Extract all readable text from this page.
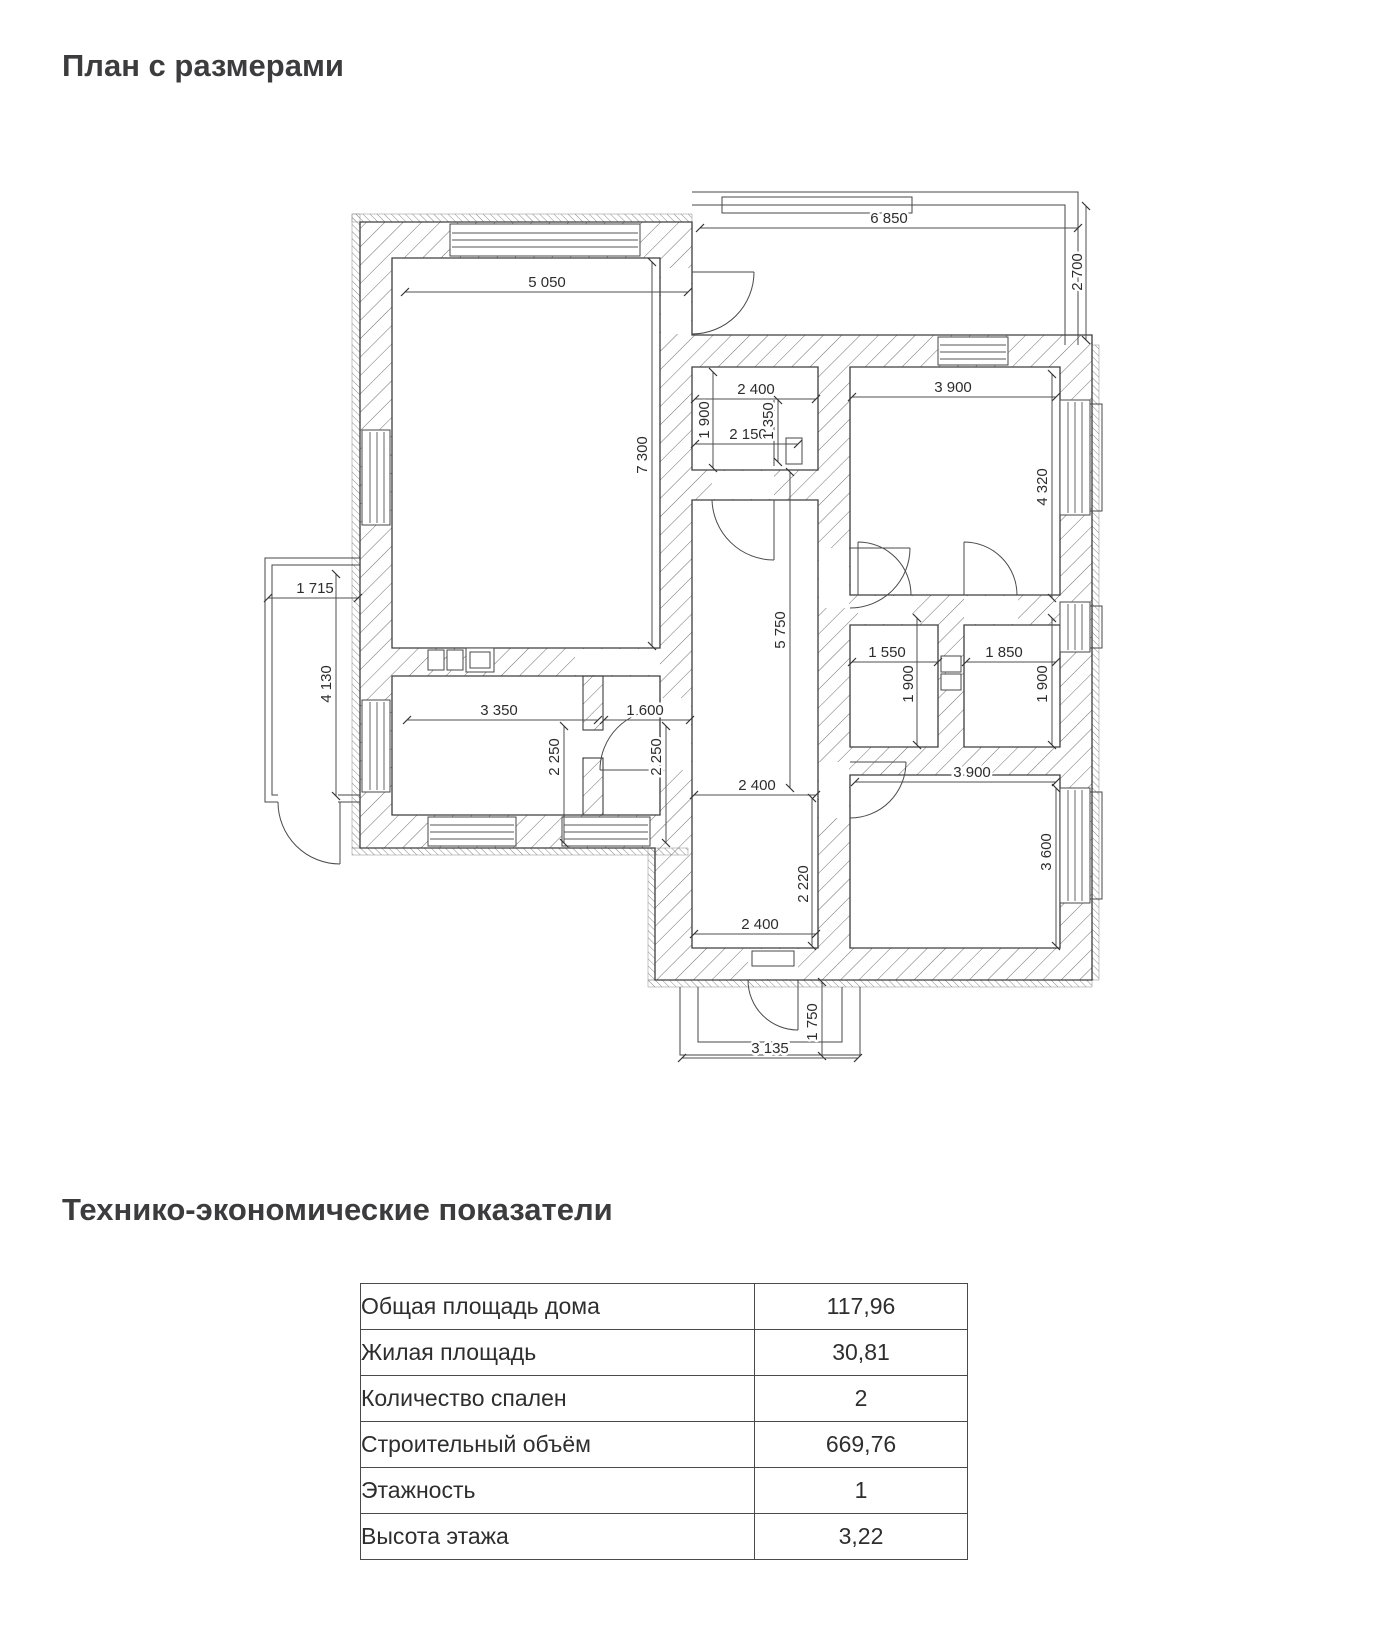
План с размерами
6 850
2 700
5 050
7 300
2 400
1 900 2 150
1 350
3 900
4 320
1 715
4 130
5 750
1 550	1 850
1 900	1 900
3 350	1 600
2 250	2 250
2 400
3 900
3 600
2 220
2 400
1 750
3 135
Технико-экономические показатели
Общая площадь дома	117,96
Жилая площадь	30,81
Количество спален	2
Строительный объём	669,76
Этажность	1
Высота этажа	3,22
